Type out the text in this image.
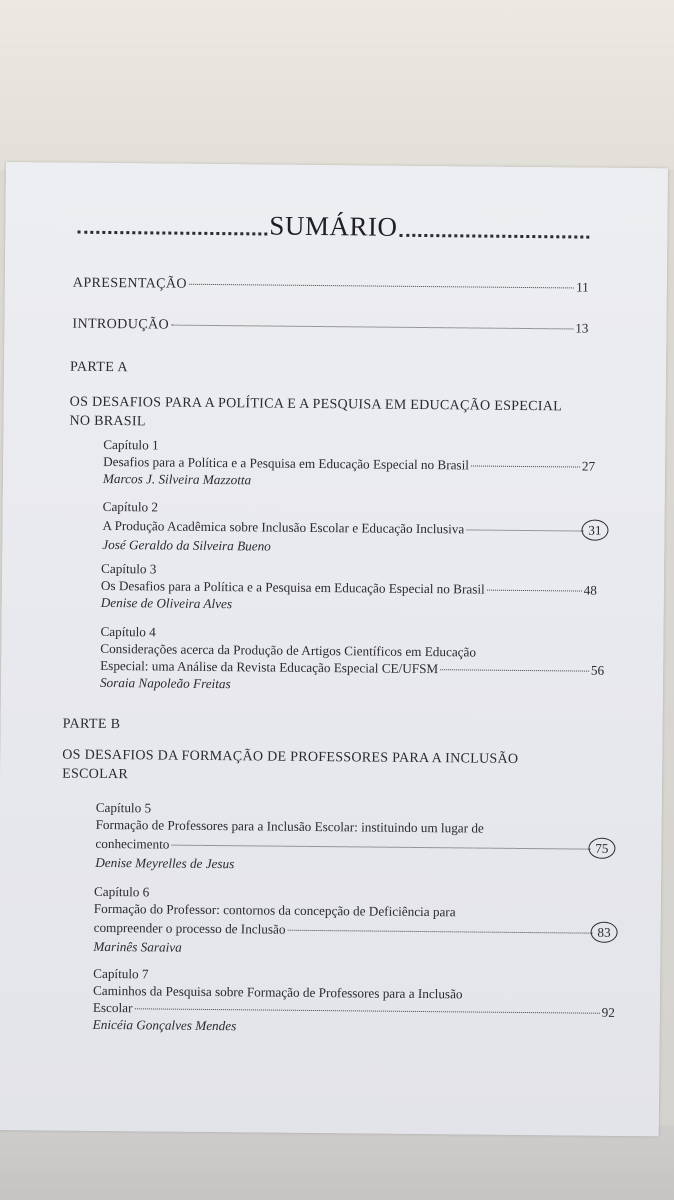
SUMÁRIO
APRESENTAÇÃO	11
INTRODUÇÃO	13
PARTE A
OS DESAFIOS PARA A POLÍTICA E A PESQUISA EM EDUCAÇÃO ESPECIAL
NO BRASIL
Capítulo 1
Desafios para a Política e a Pesquisa em Educação Especial no Brasil	27
Marcos J. Silveira Mazzotta
Capítulo 2
A Produção Acadêmica sobre Inclusão Escolar e Educação Inclusiva	31
José Geraldo da Silveira Bueno
Capítulo 3
Os Desafios para a Política e a Pesquisa em Educação Especial no Brasil	48
Denise de Oliveira Alves
Capítulo 4
Considerações acerca da Produção de Artigos Científicos em Educação
Especial: uma Análise da Revista Educação Especial CE/UFSM	56
Soraia Napoleão Freitas
PARTE B
OS DESAFIOS DA FORMAÇÃO DE PROFESSORES PARA A INCLUSÃO
ESCOLAR
Capítulo 5
Formação de Professores para a Inclusão Escolar: instituindo um lugar de
conhecimento	75
Denise Meyrelles de Jesus
Capítulo 6
Formação do Professor: contornos da concepção de Deficiência para
compreender o processo de Inclusão	83
Marinês Saraiva
Capítulo 7
Caminhos da Pesquisa sobre Formação de Professores para a Inclusão
Escolar	92
Enicéia Gonçalves Mendes
